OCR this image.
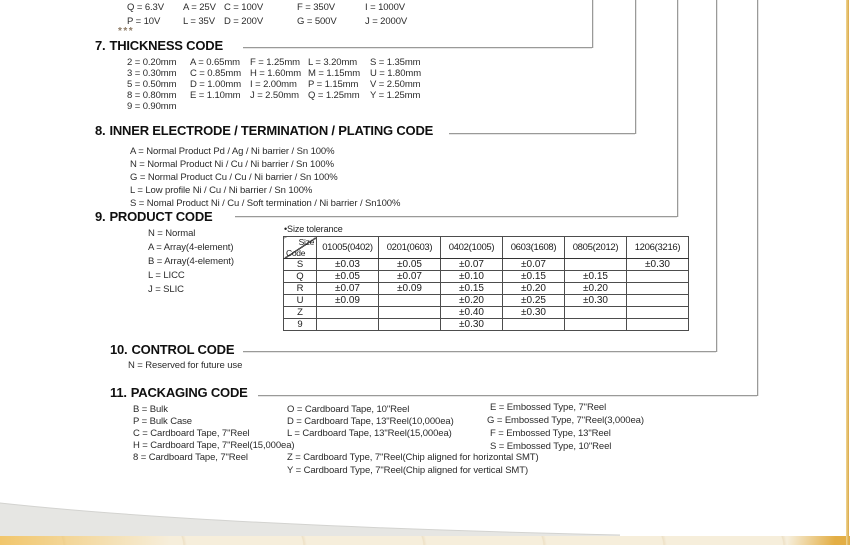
Q = 6.3V A = 25V C = 100V	F = 350V	I = 1000V
P = 10V L = 35V D = 200V	G = 500V	J = 2000V
***
7. THICKNESS CODE
2 = 0.20mm A = 0.65mm F = 1.25mm L = 3.20mm S = 1.35mm
3 = 0.30mm C = 0.85mm H = 1.60mm M = 1.15mm U = 1.80mm
5 = 0.50mm D = 1.00mm I = 2.00mm P = 1.15mm V = 2.50mm
8 = 0.80mm E = 1.10mm J = 2.50mm Q = 1.25mm Y = 1.25mm
9 = 0.90mm
8. INNER ELECTRODE / TERMINATION / PLATING CODE
A = Normal Product Pd / Ag / Ni barrier / Sn 100%
N = Normal Product Ni / Cu / Ni barrier / Sn 100%
G = Normal Product Cu / Cu / Ni barrier / Sn 100%
L = Low profile Ni / Cu / Ni barrier / Sn 100%
S = Nomal Product Ni / Cu / Soft termination / Ni barrier / Sn100%
9. PRODUCT CODE
N = Normal
A = Array(4-element)
B = Array(4-element)
L = LICC
J = SLIC
•Size tolerance
Size
Code	01005(0402)	0201(0603)	0402(1005)	0603(1608)	0805(2012)	1206(3216)
S	±0.03	±0.05	±0.07	±0.07		±0.30
Q	±0.05	±0.07	±0.10	±0.15	±0.15	
R	±0.07	±0.09	±0.15	±0.20	±0.20	
U	±0.09		±0.20	±0.25	±0.30	
Z			±0.40	±0.30		
9			±0.30			
10. CONTROL CODE
N = Reserved for future use
11. PACKAGING CODE
B = Bulk
P = Bulk Case
C = Cardboard Tape, 7"Reel
H = Cardboard Tape, 7"Reel(15,000ea)
8 = Cardboard Tape, 7"Reel
O = Cardboard Tape, 10"Reel
D = Cardboard Tape, 13"Reel(10,000ea)
L = Cardboard Tape, 13"Reel(15,000ea)
Z = Cardboard Type, 7"Reel(Chip aligned for horizontal SMT)
Y = Cardboard Type, 7"Reel(Chip aligned for vertical SMT)
E = Embossed Type, 7"Reel
G = Embossed Type, 7"Reel(3,000ea)
F = Embossed Type, 13"Reel
S = Embossed Type, 10"Reel
